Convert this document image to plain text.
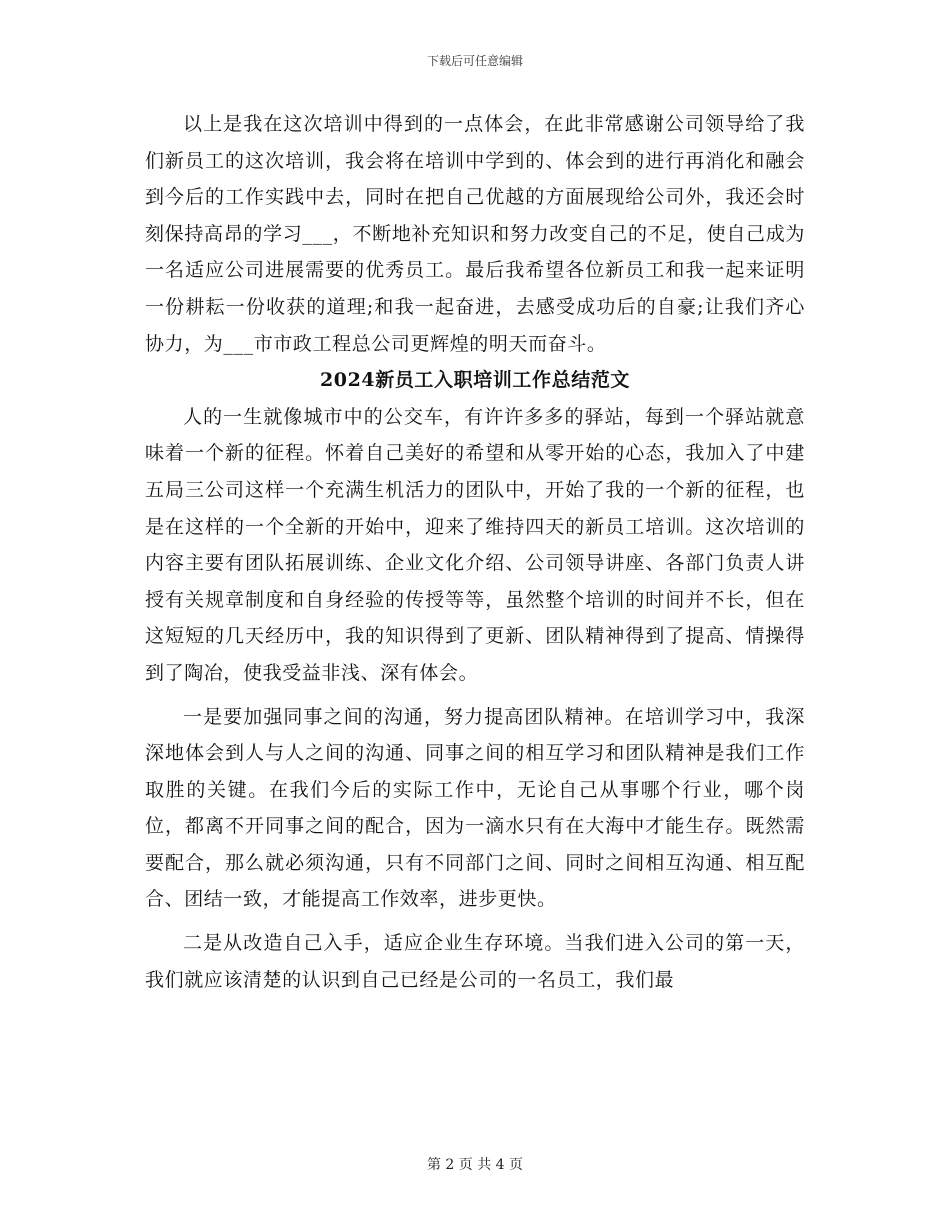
下载后可任意编辑

以上是我在这次培训中得到的一点体会，在此非常感谢公司领导给了我们新员工的这次培训，我会将在培训中学到的、体会到的进行再消化和融会到今后的工作实践中去，同时在把自己优越的方面展现给公司外，我还会时刻保持高昂的学习___，不断地补充知识和努力改变自己的不足，使自己成为一名适应公司进展需要的优秀员工。最后我希望各位新员工和我一起来证明一份耕耘一份收获的道理;和我一起奋进，去感受成功后的自豪;让我们齐心协力，为___市市政工程总公司更辉煌的明天而奋斗。

2024新员工入职培训工作总结范文

人的一生就像城市中的公交车，有许许多多的驿站，每到一个驿站就意味着一个新的征程。怀着自己美好的希望和从零开始的心态，我加入了中建五局三公司这样一个充满生机活力的团队中，开始了我的一个新的征程，也是在这样的一个全新的开始中，迎来了维持四天的新员工培训。这次培训的内容主要有团队拓展训练、企业文化介绍、公司领导讲座、各部门负责人讲授有关规章制度和自身经验的传授等等，虽然整个培训的时间并不长，但在这短短的几天经历中，我的知识得到了更新、团队精神得到了提高、情操得到了陶冶，使我受益非浅、深有体会。

一是要加强同事之间的沟通，努力提高团队精神。在培训学习中，我深深地体会到人与人之间的沟通、同事之间的相互学习和团队精神是我们工作取胜的关键。在我们今后的实际工作中，无论自己从事哪个行业，哪个岗位，都离不开同事之间的配合，因为一滴水只有在大海中才能生存。既然需要配合，那么就必须沟通，只有不同部门之间、同时之间相互沟通、相互配合、团结一致，才能提高工作效率，进步更快。

二是从改造自己入手，适应企业生存环境。当我们进入公司的第一天，我们就应该清楚的认识到自己已经是公司的一名员工，我们最

第 2 页 共 4 页
